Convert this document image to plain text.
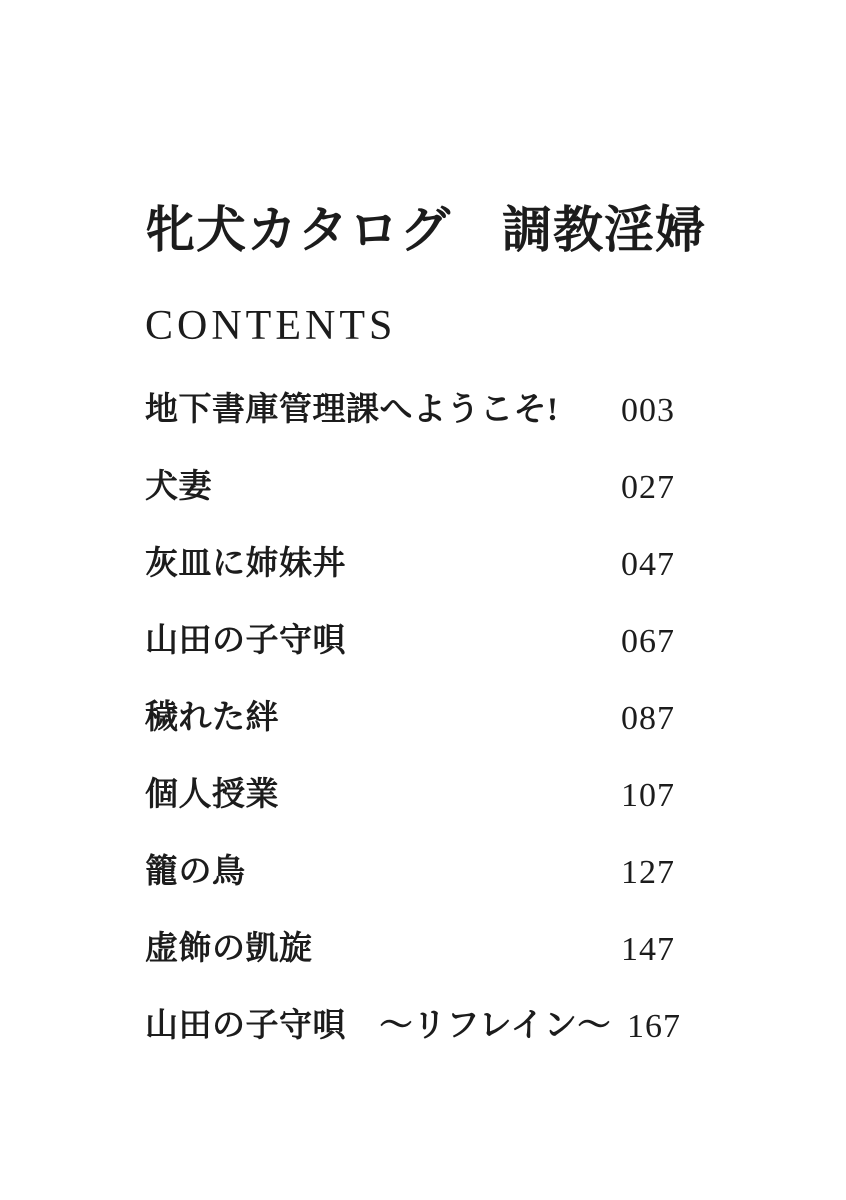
牝犬カタログ　調教淫婦
CONTENTS
地下書庫管理課へようこそ! 003
犬妻	027
灰皿に姉妹丼	047
山田の子守唄	067
穢れた絆	087
個人授業	107
籠の鳥	127
虚飾の凱旋	147
山田の子守唄　～リフレイン～ 167
